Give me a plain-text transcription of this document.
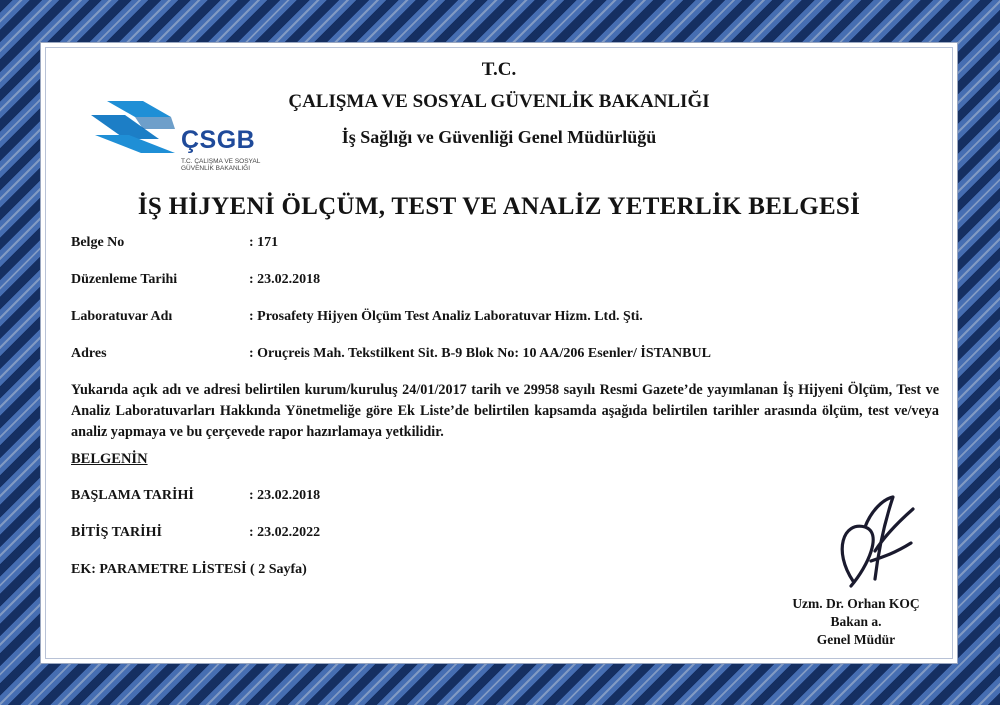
ÇSGB
T.C. ÇALIŞMA VE SOSYAL GÜVENLİK BAKANLIĞI
T.C.
ÇALIŞMA VE SOSYAL GÜVENLİK BAKANLIĞI
İş Sağlığı ve Güvenliği Genel Müdürlüğü
İŞ HİJYENİ ÖLÇÜM, TEST VE ANALİZ YETERLİK BELGESİ
Belge No	: 171
Düzenleme Tarihi	: 23.02.2018
Laboratuvar Adı	: Prosafety Hijyen Ölçüm Test Analiz Laboratuvar Hizm. Ltd. Şti.
Adres	: Oruçreis Mah. Tekstilkent Sit. B-9 Blok No: 10 AA/206 Esenler/ İSTANBUL
Yukarıda açık adı ve adresi belirtilen kurum/kuruluş 24/01/2017 tarih ve 29958 sayılı Resmi Gazete’de yayımlanan İş Hijyeni Ölçüm, Test ve Analiz Laboratuvarları Hakkında Yönetmeliğe göre Ek Liste’de belirtilen kapsamda aşağıda belirtilen tarihler arasında ölçüm, test ve/veya analiz yapmaya ve bu çerçevede rapor hazırlamaya yetkilidir.
BELGENİN
BAŞLAMA TARİHİ	: 23.02.2018
BİTİŞ TARİHİ	: 23.02.2022
EK: PARAMETRE LİSTESİ ( 2 Sayfa)
Uzm. Dr. Orhan KOÇ
Bakan a.
Genel Müdür
